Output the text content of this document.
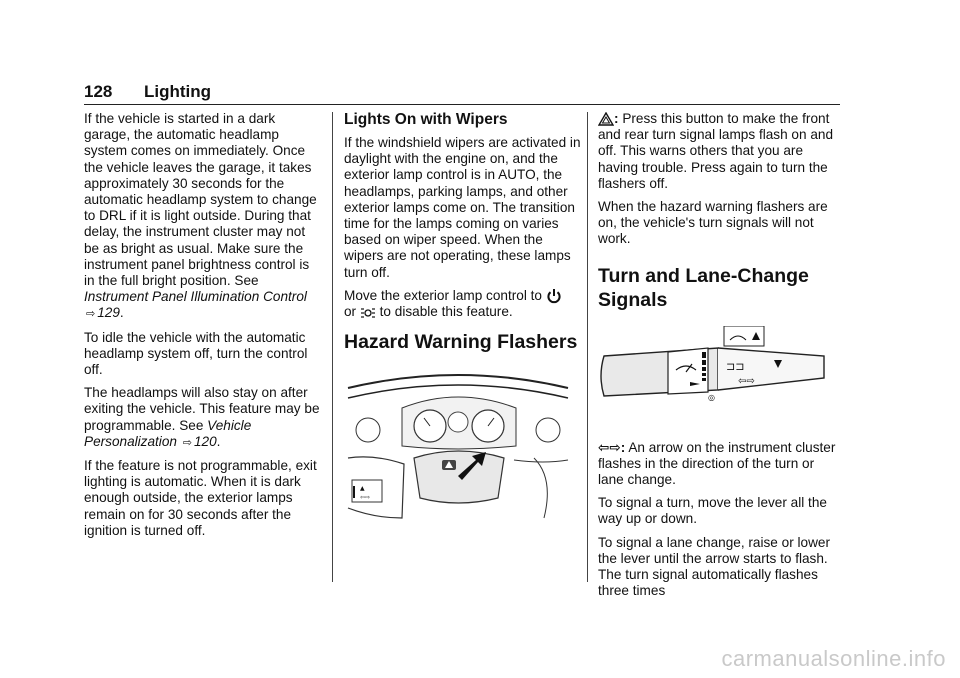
128 Lighting

If the vehicle is started in a dark garage, the automatic headlamp system comes on immediately. Once the vehicle leaves the garage, it takes approximately 30 seconds for the automatic headlamp system to change to DRL if it is light outside. During that delay, the instrument cluster may not be as bright as usual. Make sure the instrument panel brightness control is in the full bright position. See Instrument Panel Illumination Control ⇨ 129.

To idle the vehicle with the automatic headlamp system off, turn the control off.

The headlamps will also stay on after exiting the vehicle. This feature may be programmable. See Vehicle Personalization ⇨ 120.

If the feature is not programmable, exit lighting is automatic. When it is dark enough outside, the exterior lamps remain on for 30 seconds after the ignition is turned off.

Lights On with Wipers

If the windshield wipers are activated in daylight with the engine on, and the exterior lamp control is in AUTO, the headlamps, parking lamps, and other exterior lamps come on. The transition time for the lamps coming on varies based on wiper speed. When the wipers are not operating, these lamps turn off.

Move the exterior lamp control to
or to disable this feature.

Hazard Warning Flashers
▲
⇦⇨

: Press this button to make the front and rear turn signal lamps flash on and off. This warns others that you are having trouble. Press again to turn the flashers off.

When the hazard warning flashers are on, the vehicle's turn signals will not work.

Turn and Lane-Change Signals
⊐⊐
⇦⇨
◎

⇦⇨: An arrow on the instrument cluster flashes in the direction of the turn or lane change.

To signal a turn, move the lever all the way up or down.

To signal a lane change, raise or lower the lever until the arrow starts to flash. The turn signal automatically flashes three times

carmanualsonline.info
